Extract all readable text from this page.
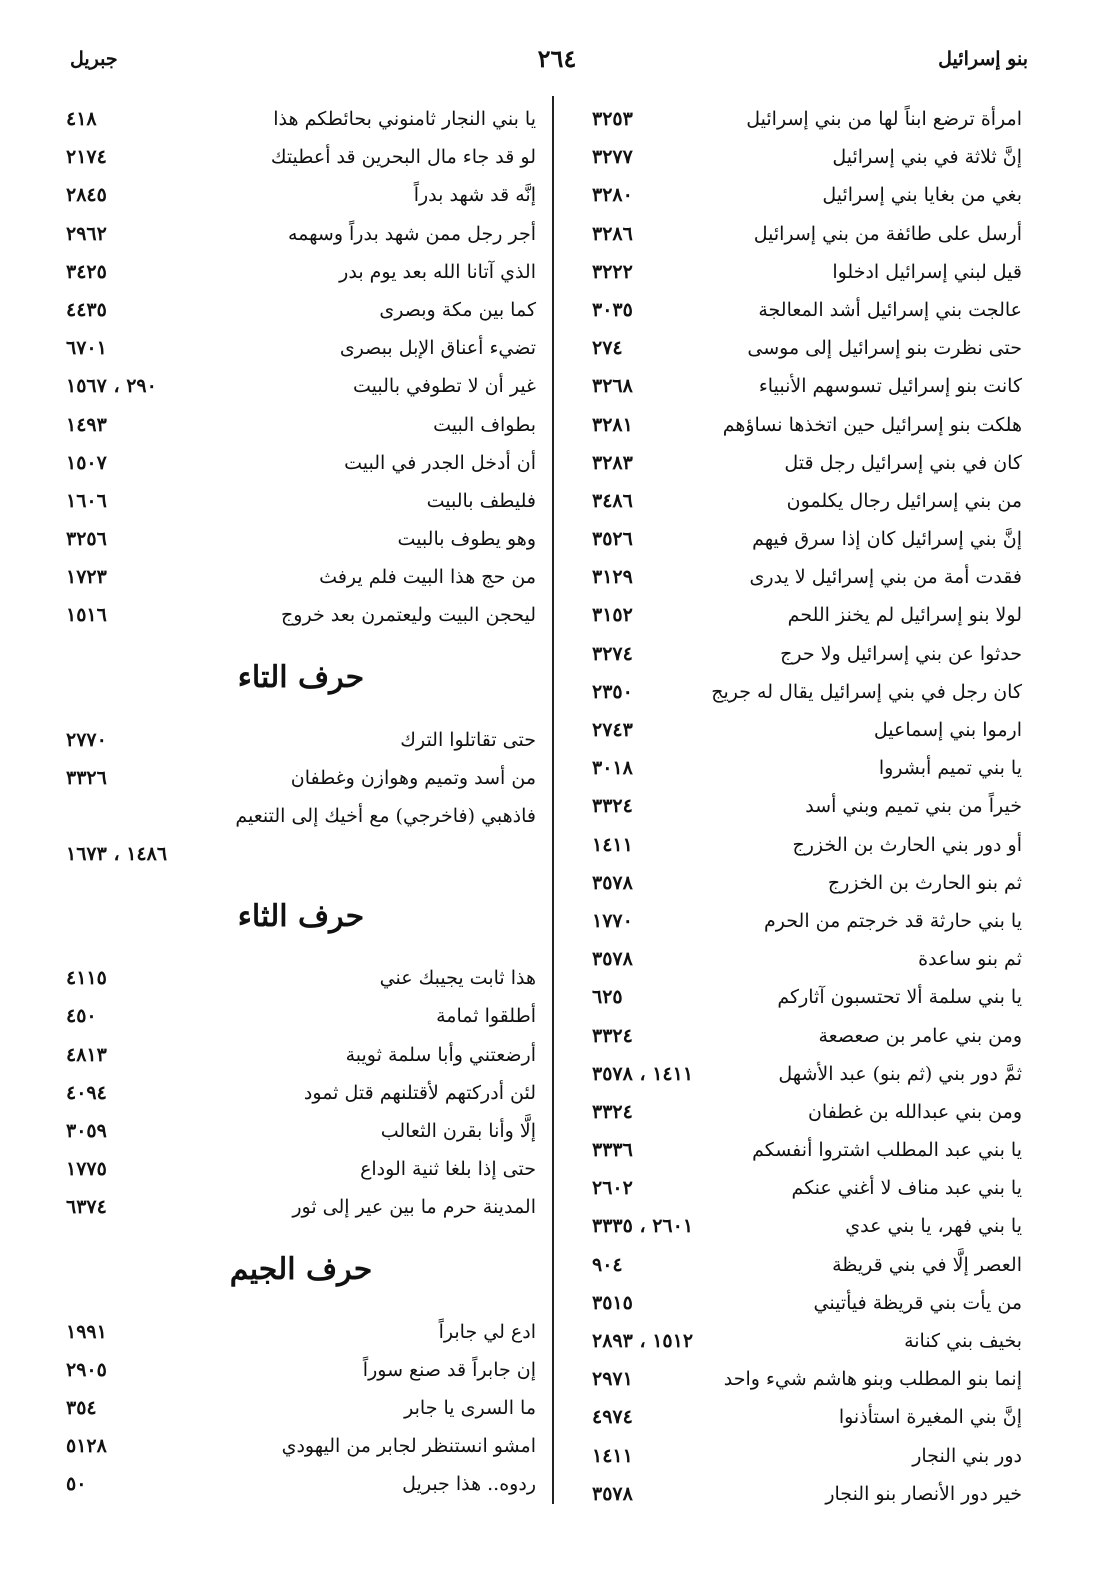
بنو إسرائيل
٢٦٤
جبريل
امرأة ترضع ابناً لها من بني إسرائيل
٣٢٥٣
إنَّ ثلاثة في بني إسرائيل
٣٢٧٧
بغي من بغايا بني إسرائيل
٣٢٨٠
أرسل على طائفة من بني إسرائيل
٣٢٨٦
قيل لبني إسرائيل ادخلوا
٣٢٢٢
عالجت بني إسرائيل أشد المعالجة
٣٠٣٥
حتى نظرت بنو إسرائيل إلى موسى
٢٧٤
كانت بنو إسرائيل تسوسهم الأنبياء
٣٢٦٨
هلكت بنو إسرائيل حين اتخذها نساؤهم
٣٢٨١
كان في بني إسرائيل رجل قتل
٣٢٨٣
من بني إسرائيل رجال يكلمون
٣٤٨٦
إنَّ بني إسرائيل كان إذا سرق فيهم
٣٥٢٦
فقدت أمة من بني إسرائيل لا يدرى
٣١٢٩
لولا بنو إسرائيل لم يخنز اللحم
٣١٥٢
حدثوا عن بني إسرائيل ولا حرج
٣٢٧٤
كان رجل في بني إسرائيل يقال له جريج
٢٣٥٠
ارموا بني إسماعيل
٢٧٤٣
يا بني تميم أبشروا
٣٠١٨
خيراً من بني تميم وبني أسد
٣٣٢٤
أو دور بني الحارث بن الخزرج
١٤١١
ثم بنو الحارث بن الخزرج
٣٥٧٨
يا بني حارثة قد خرجتم من الحرم
١٧٧٠
ثم بنو ساعدة
٣٥٧٨
يا بني سلمة ألا تحتسبون آثاركم
٦٢٥
ومن بني عامر بن صعصعة
٣٣٢٤
ثمَّ دور بني (ثم بنو) عبد الأشهل
١٤١١ ، ٣٥٧٨
ومن بني عبدالله بن غطفان
٣٣٢٤
يا بني عبد المطلب اشتروا أنفسكم
٣٣٣٦
يا بني عبد مناف لا أغني عنكم
٢٦٠٢
يا بني فهر، يا بني عدي
٢٦٠١ ، ٣٣٣٥
العصر إلَّا في بني قريظة
٩٠٤
من يأت بني قريظة فيأتيني
٣٥١٥
بخيف بني كنانة
١٥١٢ ، ٢٨٩٣
إنما بنو المطلب وبنو هاشم شيء واحد
٢٩٧١
إنَّ بني المغيرة استأذنوا
٤٩٧٤
دور بني النجار
١٤١١
خير دور الأنصار بنو النجار
٣٥٧٨
يا بني النجار ثامنوني بحائطكم هذا
٤١٨
لو قد جاء مال البحرين قد أعطيتك
٢١٧٤
إنَّه قد شهد بدراً
٢٨٤٥
أجر رجل ممن شهد بدراً وسهمه
٢٩٦٢
الذي آتانا الله بعد يوم بدر
٣٤٢٥
كما بين مكة وبصرى
٤٤٣٥
تضيء أعناق الإبل ببصرى
٦٧٠١
غير أن لا تطوفي بالبيت
٢٩٠ ، ١٥٦٧
بطواف البيت
١٤٩٣
أن أدخل الجدر في البيت
١٥٠٧
فليطف بالبيت
١٦٠٦
وهو يطوف بالبيت
٣٢٥٦
من حج هذا البيت فلم يرفث
١٧٢٣
ليحجن البيت وليعتمرن بعد خروج
١٥١٦
حرف التاء
حتى تقاتلوا الترك
٢٧٧٠
من أسد وتميم وهوازن وغطفان
٣٣٢٦
فاذهبي (فاخرجي) مع أخيك إلى التنعيم
١٤٨٦ ، ١٦٧٣
حرف الثاء
هذا ثابت يجيبك عني
٤١١٥
أطلقوا ثمامة
٤٥٠
أرضعتني وأبا سلمة ثويبة
٤٨١٣
لئن أدركتهم لأقتلنهم قتل ثمود
٤٠٩٤
إلَّا وأنا بقرن الثعالب
٣٠٥٩
حتى إذا بلغا ثنية الوداع
١٧٧٥
المدينة حرم ما بين عير إلى ثور
٦٣٧٤
حرف الجيم
ادع لي جابراً
١٩٩١
إن جابراً قد صنع سوراً
٢٩٠٥
ما السرى يا جابر
٣٥٤
امشو انستنظر لجابر من اليهودي
٥١٢٨
ردوه.. هذا جبريل
٥٠
